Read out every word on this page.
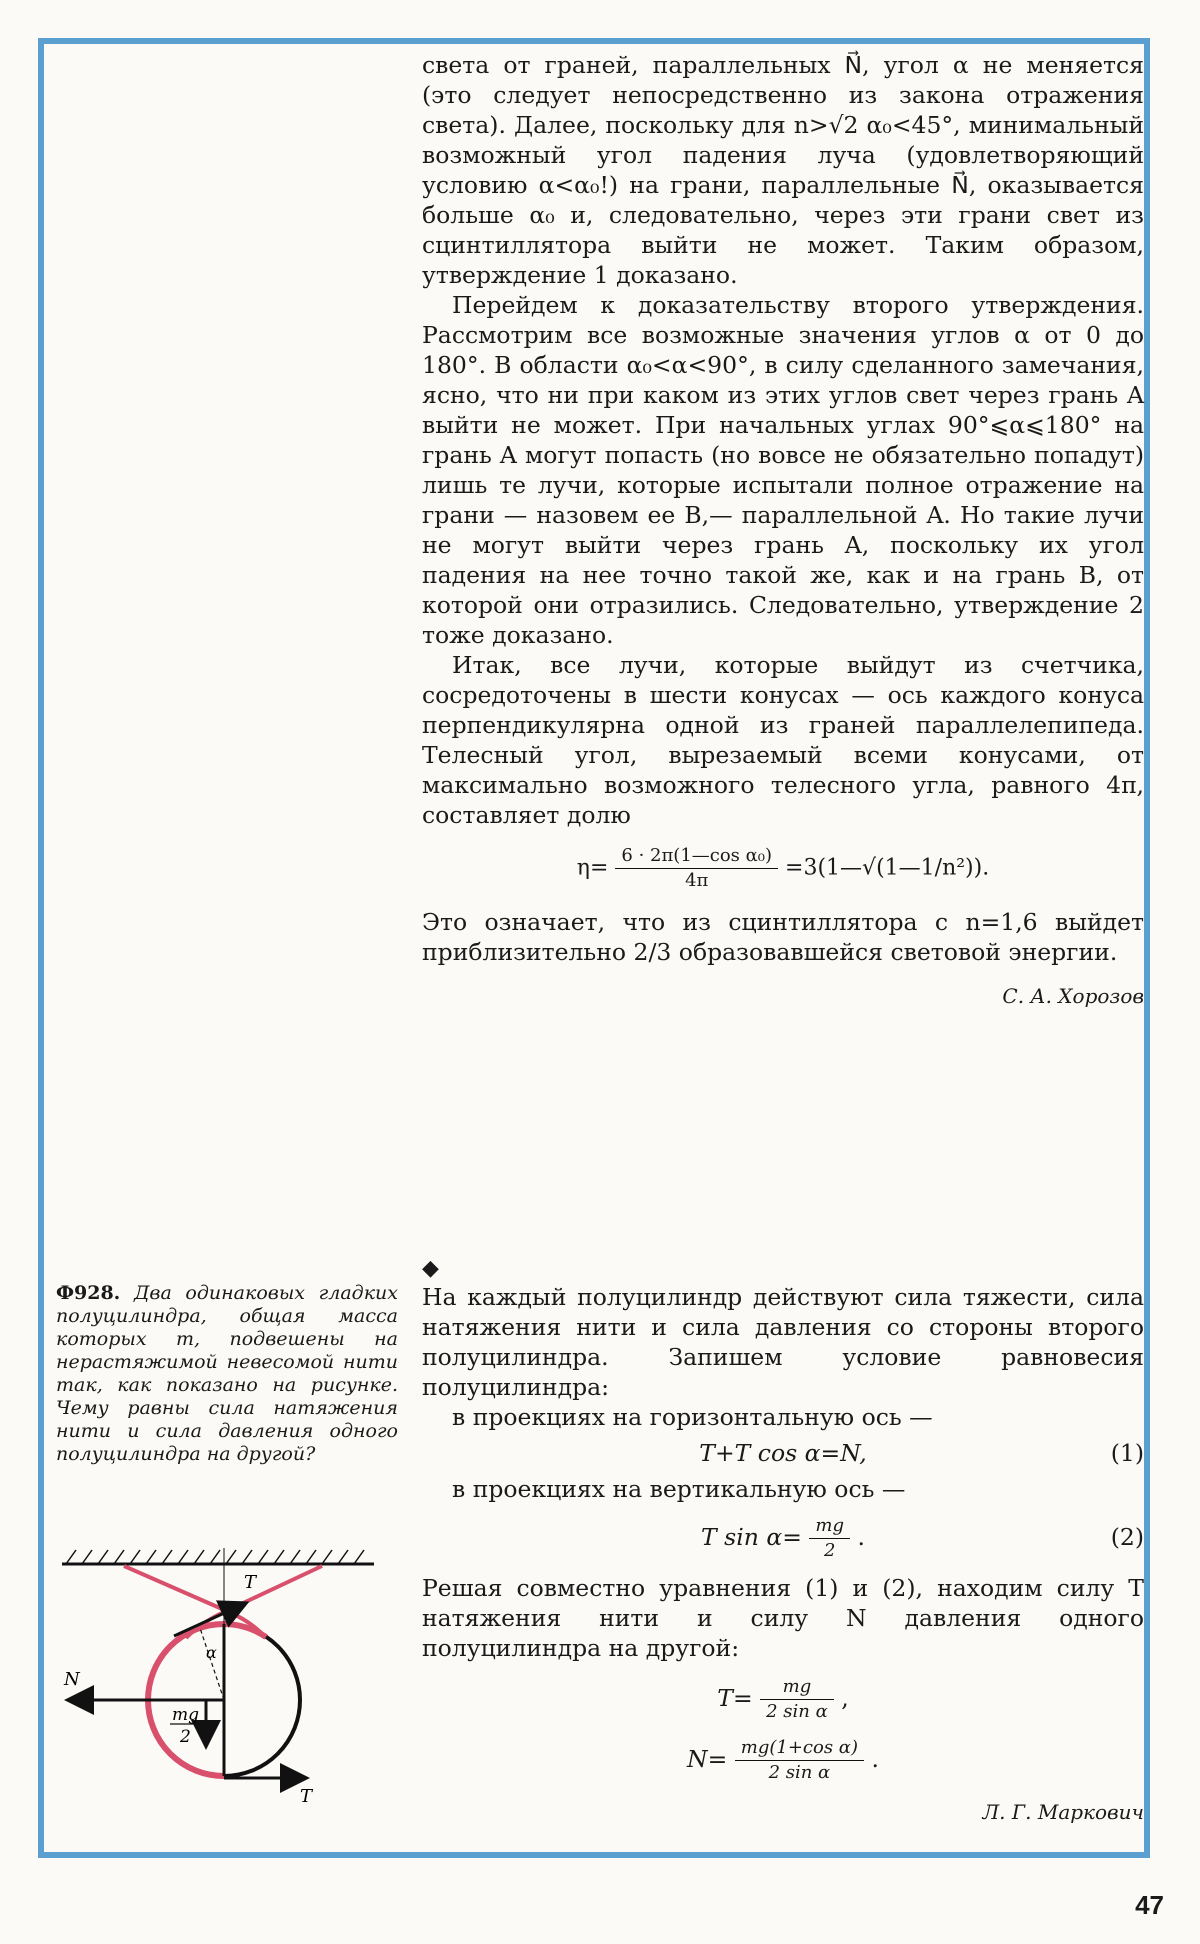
света от граней, параллельных N⃗, угол α не меняется (это следует непосредственно из закона отражения света). Далее, поскольку для n>√2 α₀<45°, минимальный возможный угол падения луча (удовлетворяющий условию α<α₀!) на грани, параллельные N⃗, оказывается больше α₀ и, следовательно, через эти грани свет из сцинтиллятора выйти не может. Таким образом, утверждение 1 доказано.

Перейдем к доказательству второго утверждения. Рассмотрим все возможные значения углов α от 0 до 180°. В области α₀<α<90°, в силу сделанного замечания, ясно, что ни при каком из этих углов свет через грань A выйти не может. При начальных углах 90°⩽α⩽180° на грань A могут попасть (но вовсе не обязательно попадут) лишь те лучи, которые испытали полное отражение на грани — назовем ее B,— параллельной A. Но такие лучи не могут выйти через грань A, поскольку их угол падения на нее точно такой же, как и на грань B, от которой они отразились. Следовательно, утверждение 2 тоже доказано.

Итак, все лучи, которые выйдут из счетчика, сосредоточены в шести конусах — ось каждого конуса перпендикулярна одной из граней параллелепипеда. Телесный угол, вырезаемый всеми конусами, от максимально возможного телесного угла, равного 4π, составляет долю

$\eta= \frac{\text{6 · 2π(1—cos α₀)}}{4\pi}$ =3(1—√(1—1/n²)).

Это означает, что из сцинтиллятора с n=1,6 выйдет приблизительно 2/3 образовавшейся световой энергии.

С. А. Хорозов
◆
Ф928. Два одинаковых гладких полуцилиндра, общая масса которых m, подвешены на нерастяжимой невесомой нити так, как показано на рисунке. Чему равны сила натяжения нити и сила давления одного полуцилиндра на другой?
T
N
α
mg
2
T

На каждый полуцилиндр действуют сила тяжести, сила натяжения нити и сила давления со стороны второго полуцилиндра. Запишем условие равновесия полуцилиндра:

в проекциях на горизонтальную ось —

T+T cos α=N,	(1)

в проекциях на вертикальную ось —

T $\sin \alpha= \frac{mg}{2}$ .	(2)

Решая совместно уравнения (1) и (2), находим силу T натяжения нити и силу N давления одного полуцилиндра на другой:

$T= \frac{mg}{\text{2 sin α}}$ ,
$N= \frac{\text{mg(1+cos α)}}{\text{2 sin α}}$ .
Л. Г. Маркович
47
